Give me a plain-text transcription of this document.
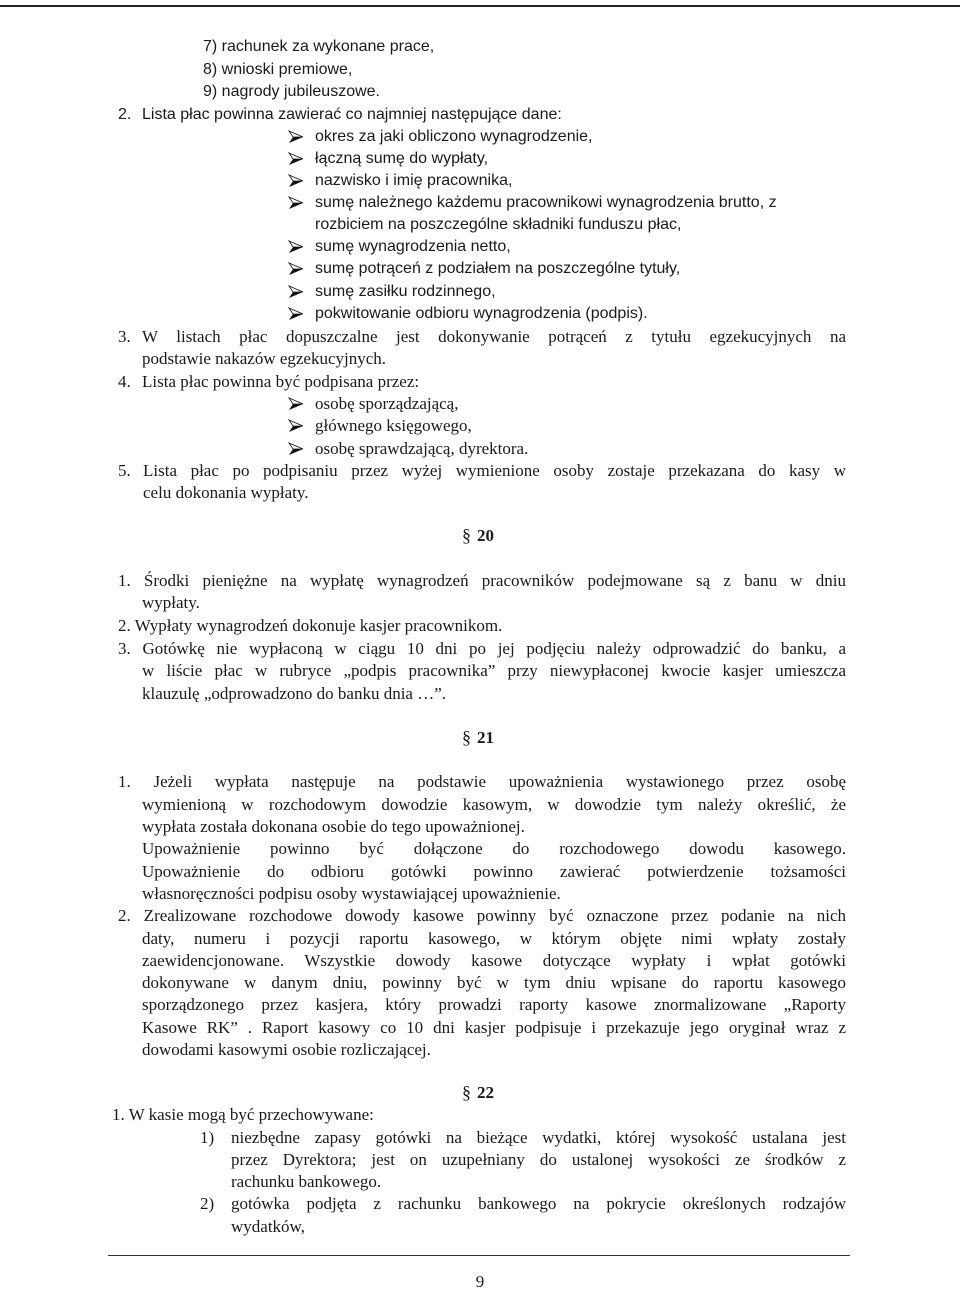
7) rachunek za wykonane prace,
8) wnioski premiowe,
9) nagrody jubileuszowe.
2. Lista płac powinna zawierać co najmniej następujące dane:
okres za jaki obliczono wynagrodzenie,
łączną sumę do wypłaty,
nazwisko i imię pracownika,
sumę należnego każdemu pracownikowi wynagrodzenia brutto, z
rozbiciem na poszczególne składniki funduszu płac,
sumę wynagrodzenia netto,
sumę potrąceń z podziałem na poszczególne tytuły,
sumę zasiłku rodzinnego,
pokwitowanie odbioru wynagrodzenia (podpis).
3. W listach płac dopuszczalne jest dokonywanie potrąceń z tytułu egzekucyjnych na
podstawie nakazów egzekucyjnych.
4. Lista płac powinna być podpisana przez:
osobę sporządzającą,
głównego księgowego,
osobę sprawdzającą, dyrektora.
5. Lista płac po podpisaniu przez wyżej wymienione osoby zostaje przekazana do kasy w
celu dokonania wypłaty.
§ 20
1. Środki pieniężne na wypłatę wynagrodzeń pracowników podejmowane są z banu w dniu
wypłaty.
2. Wypłaty wynagrodzeń dokonuje kasjer pracownikom.
3. Gotówkę nie wypłaconą w ciągu 10 dni po jej podjęciu należy odprowadzić do banku, a
w liście płac w rubryce „podpis pracownika” przy niewypłaconej kwocie kasjer umieszcza
klauzulę „odprowadzono do banku dnia …”.
§ 21
1. Jeżeli wypłata następuje na podstawie upoważnienia wystawionego przez osobę
wymienioną w rozchodowym dowodzie kasowym, w dowodzie tym należy określić, że
wypłata została dokonana osobie do tego upoważnionej.
Upoważnienie powinno być dołączone do rozchodowego dowodu kasowego.
Upoważnienie do odbioru gotówki powinno zawierać potwierdzenie tożsamości
własnoręczności podpisu osoby wystawiającej upoważnienie.
2. Zrealizowane rozchodowe dowody kasowe powinny być oznaczone przez podanie na nich
daty, numeru i pozycji raportu kasowego, w którym objęte nimi wpłaty zostały
zaewidencjonowane. Wszystkie dowody kasowe dotyczące wypłaty i wpłat gotówki
dokonywane w danym dniu, powinny być w tym dniu wpisane do raportu kasowego
sporządzonego przez kasjera, który prowadzi raporty kasowe znormalizowane „Raporty
Kasowe RK” . Raport kasowy co 10 dni kasjer podpisuje i przekazuje jego oryginał wraz z
dowodami kasowymi osobie rozliczającej.
§ 22
1. W kasie mogą być przechowywane:
1) niezbędne zapasy gotówki na bieżące wydatki, której wysokość ustalana jest
przez Dyrektora; jest on uzupełniany do ustalonej wysokości ze środków z
rachunku bankowego.
2) gotówka podjęta z rachunku bankowego na pokrycie określonych rodzajów
wydatków,
9
